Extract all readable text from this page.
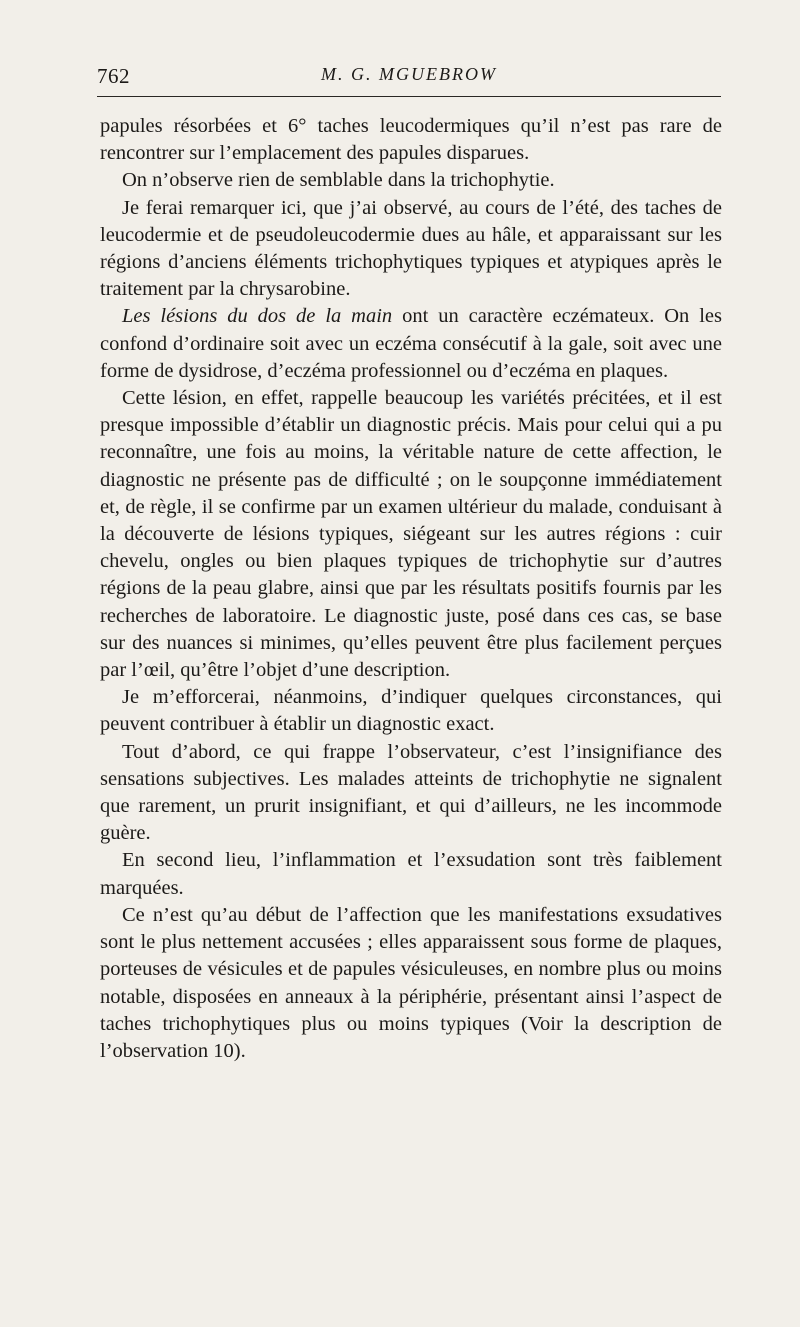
762	M. G. MGUEBROW

papules résorbées et 6° taches leucodermiques qu’il n’est pas rare de rencontrer sur l’emplacement des papules disparues.

On n’observe rien de semblable dans la trichophytie.

Je ferai remarquer ici, que j’ai observé, au cours de l’été, des taches de leucodermie et de pseudoleucodermie dues au hâle, et apparaissant sur les régions d’anciens éléments trichophytiques typiques et atypiques après le traitement par la chrysarobine.

Les lésions du dos de la main ont un caractère eczémateux. On les confond d’ordinaire soit avec un eczéma consécutif à la gale, soit avec une forme de dysidrose, d’eczéma professionnel ou d’eczéma en plaques.

Cette lésion, en effet, rappelle beaucoup les variétés précitées, et il est presque impossible d’établir un diagnostic précis. Mais pour celui qui a pu reconnaître, une fois au moins, la véritable nature de cette affection, le diagnostic ne présente pas de difficulté ; on le soupçonne immédiatement et, de règle, il se confirme par un examen ultérieur du malade, conduisant à la découverte de lésions typiques, siégeant sur les autres régions : cuir chevelu, ongles ou bien plaques typiques de trichophytie sur d’autres régions de la peau glabre, ainsi que par les résultats positifs fournis par les recherches de laboratoire. Le diagnostic juste, posé dans ces cas, se base sur des nuances si minimes, qu’elles peuvent être plus facilement perçues par l’œil, qu’être l’objet d’une description.

Je m’efforcerai, néanmoins, d’indiquer quelques circonstances, qui peuvent contribuer à établir un diagnostic exact.

Tout d’abord, ce qui frappe l’observateur, c’est l’insignifiance des sensations subjectives. Les malades atteints de trichophytie ne signalent que rarement, un prurit insignifiant, et qui d’ailleurs, ne les incommode guère.

En second lieu, l’inflammation et l’exsudation sont très faiblement marquées.

Ce n’est qu’au début de l’affection que les manifestations exsudatives sont le plus nettement accusées ; elles apparaissent sous forme de plaques, porteuses de vésicules et de papules vésiculeuses, en nombre plus ou moins notable, disposées en anneaux à la périphérie, présentant ainsi l’aspect de taches trichophytiques plus ou moins typiques (Voir la description de l’observation 10).
